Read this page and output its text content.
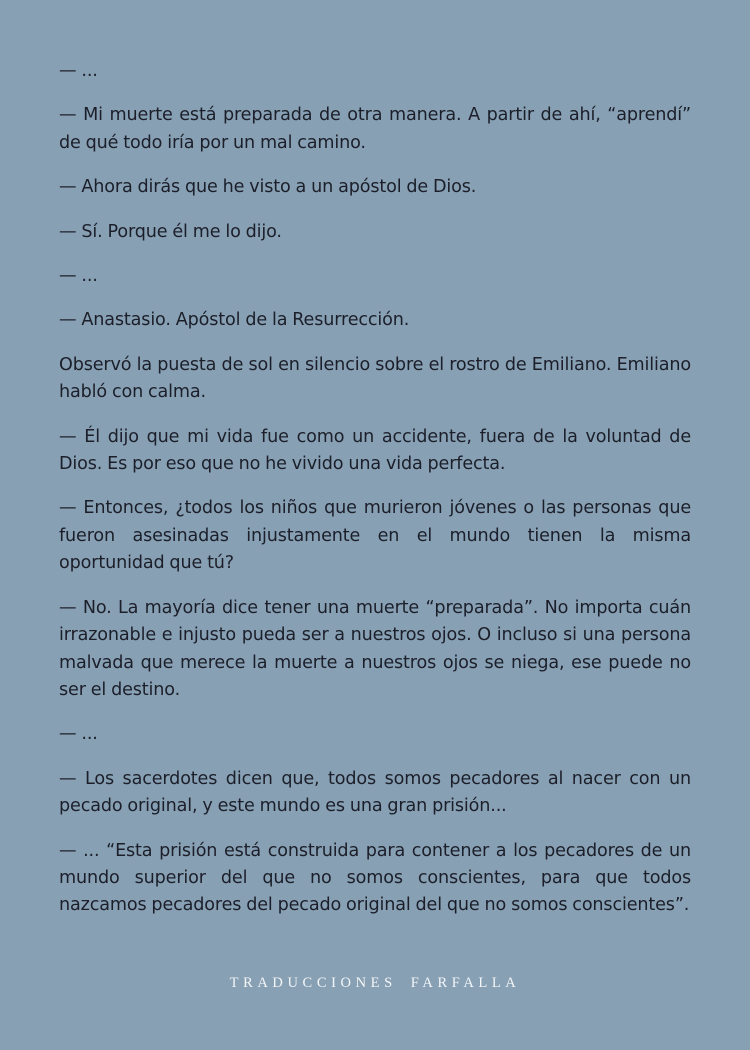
— ...

— Mi muerte está preparada de otra manera. A partir de ahí, “aprendí” de qué todo iría por un mal camino.

— Ahora dirás que he visto a un apóstol de Dios.

— Sí. Porque él me lo dijo.

— ...

— Anastasio. Apóstol de la Resurrección.

Observó la puesta de sol en silencio sobre el rostro de Emiliano. Emiliano habló con calma.

— Él dijo que mi vida fue como un accidente, fuera de la voluntad de Dios. Es por eso que no he vivido una vida perfecta.

— Entonces, ¿todos los niños que murieron jóvenes o las personas que fueron asesinadas injustamente en el mundo tienen la misma oportunidad que tú?

— No. La mayoría dice tener una muerte “preparada”. No importa cuán irrazonable e injusto pueda ser a nuestros ojos. O incluso si una persona malvada que merece la muerte a nuestros ojos se niega, ese puede no ser el destino.

— ...

— Los sacerdotes dicen que, todos somos pecadores al nacer con un pecado original, y este mundo es una gran prisión...

— ... “Esta prisión está construida para contener a los pecadores de un mundo superior del que no somos conscientes, para que todos nazcamos pecadores del pecado original del que no somos conscientes”.

TRADUCCIONES FARFALLA
